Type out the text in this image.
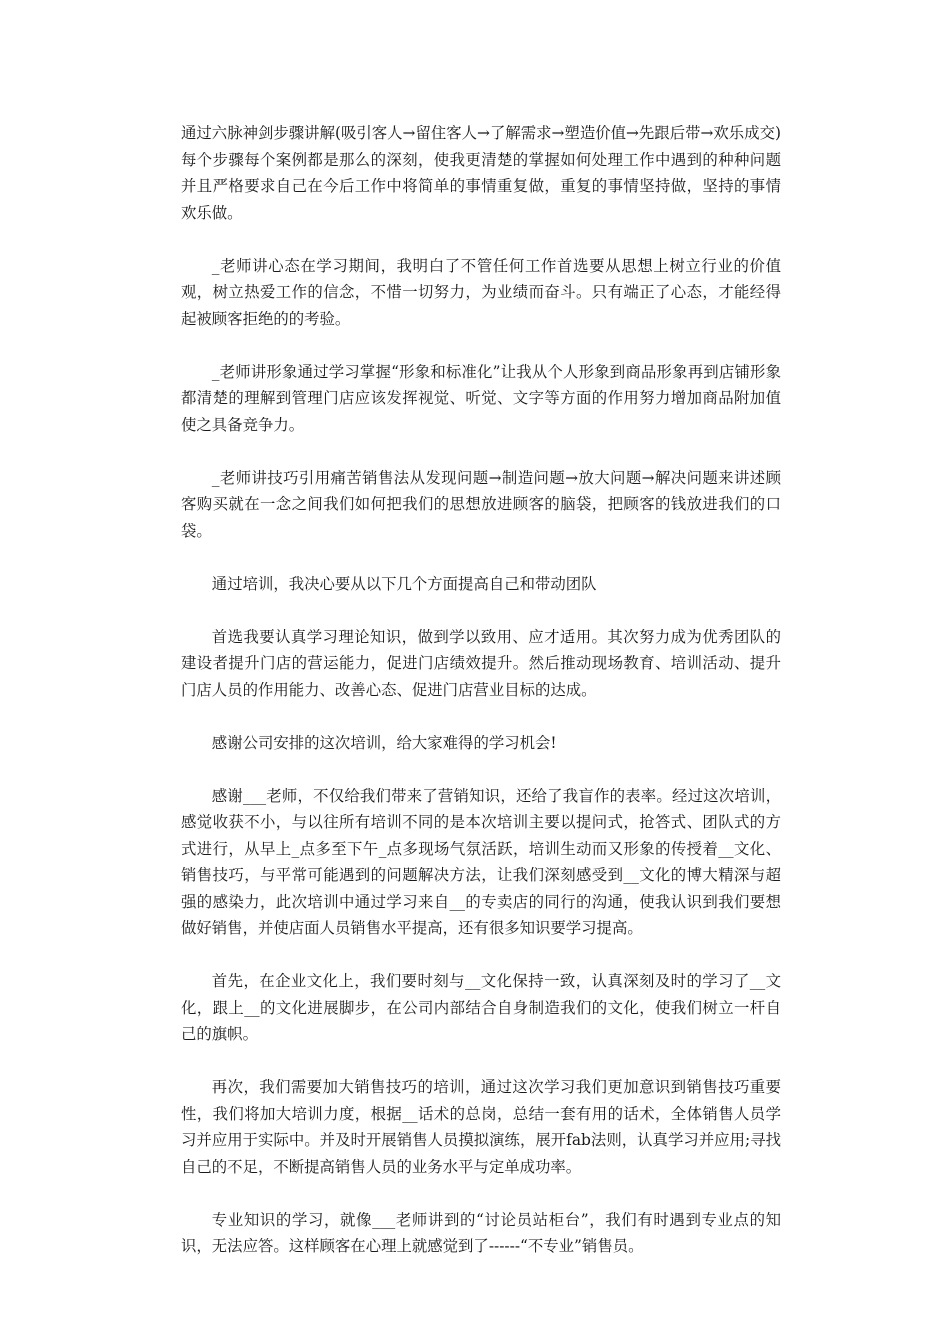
通过六脉神剑步骤讲解(吸引客人→留住客人→了解需求→塑造价值→先跟后带→欢乐成交)每个步骤每个案例都是那么的深刻，使我更清楚的掌握如何处理工作中遇到的种种问题并且严格要求自己在今后工作中将简单的事情重复做，重复的事情坚持做，坚持的事情欢乐做。

_老师讲心态在学习期间，我明白了不管任何工作首选要从思想上树立行业的价值观，树立热爱工作的信念，不惜一切努力，为业绩而奋斗。只有端正了心态，才能经得起被顾客拒绝的的考验。

_老师讲形象通过学习掌握“形象和标准化”让我从个人形象到商品形象再到店铺形象都清楚的理解到管理门店应该发挥视觉、听觉、文字等方面的作用努力增加商品附加值使之具备竞争力。

_老师讲技巧引用痛苦销售法从发现问题→制造问题→放大问题→解决问题来讲述顾客购买就在一念之间我们如何把我们的思想放进顾客的脑袋，把顾客的钱放进我们的口袋。

通过培训，我决心要从以下几个方面提高自己和带动团队

首选我要认真学习理论知识，做到学以致用、应才适用。其次努力成为优秀团队的建设者提升门店的营运能力，促进门店绩效提升。然后推动现场教育、培训活动、提升门店人员的作用能力、改善心态、促进门店营业目标的达成。

感谢公司安排的这次培训，给大家难得的学习机会!

感谢___老师，不仅给我们带来了营销知识，还给了我盲作的表率。经过这次培训，感觉收获不小，与以往所有培训不同的是本次培训主要以提问式，抢答式、团队式的方式进行，从早上_点多至下午_点多现场气氛活跃，培训生动而又形象的传授着__文化、销售技巧，与平常可能遇到的问题解决方法，让我们深刻感受到__文化的博大精深与超强的感染力，此次培训中通过学习来自__的专卖店的同行的沟通，使我认识到我们要想做好销售，并使店面人员销售水平提高，还有很多知识要学习提高。

首先，在企业文化上，我们要时刻与__文化保持一致，认真深刻及时的学习了__文化，跟上__的文化进展脚步，在公司内部结合自身制造我们的文化，使我们树立一杆自己的旗帜。

再次，我们需要加大销售技巧的培训，通过这次学习我们更加意识到销售技巧重要性，我们将加大培训力度，根据__话术的总岗，总结一套有用的话术，全体销售人员学习并应用于实际中。并及时开展销售人员摸拟演练，展开fab法则，认真学习并应用;寻找自己的不足，不断提高销售人员的业务水平与定单成功率。

专业知识的学习，就像___老师讲到的“讨论员站柜台”，我们有时遇到专业点的知识，无法应答。这样顾客在心理上就感觉到了------“不专业”销售员。
